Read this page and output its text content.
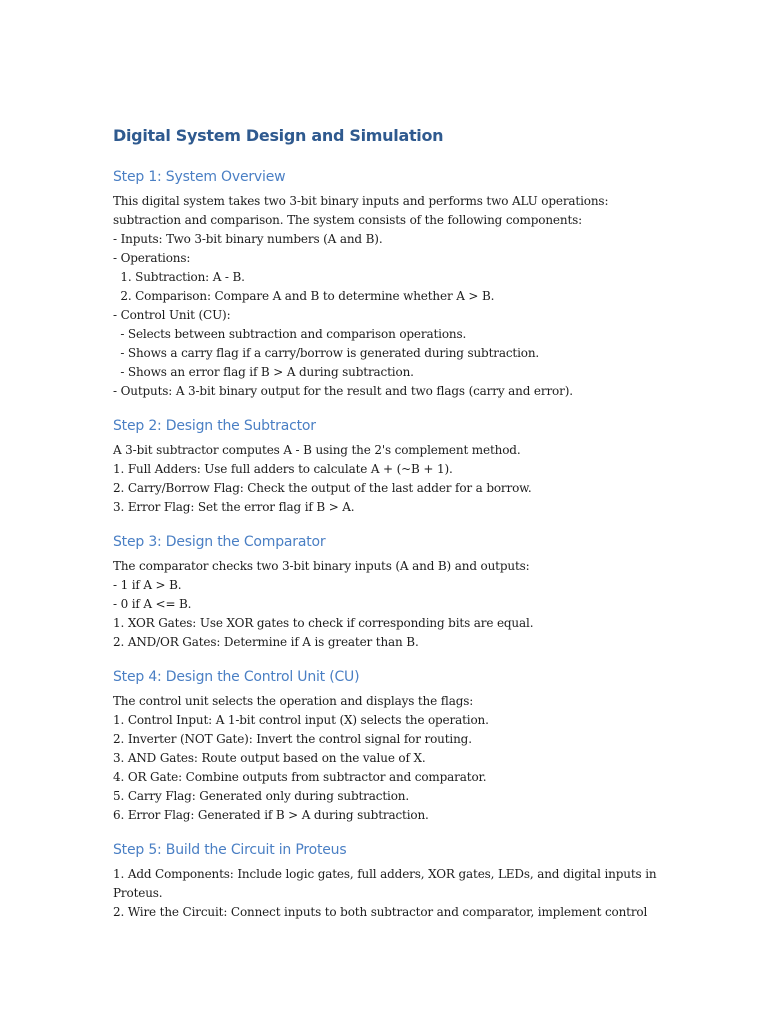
Digital System Design and Simulation
Step 1: System Overview
This digital system takes two 3-bit binary inputs and performs two ALU operations:
subtraction and comparison. The system consists of the following components:
- Inputs: Two 3-bit binary numbers (A and B).
- Operations:
1. Subtraction: A - B.
2. Comparison: Compare A and B to determine whether A > B.
- Control Unit (CU):
- Selects between subtraction and comparison operations.
- Shows a carry flag if a carry/borrow is generated during subtraction.
- Shows an error flag if B > A during subtraction.
- Outputs: A 3-bit binary output for the result and two flags (carry and error).
Step 2: Design the Subtractor
A 3-bit subtractor computes A - B using the 2's complement method.
1. Full Adders: Use full adders to calculate A + (~B + 1).
2. Carry/Borrow Flag: Check the output of the last adder for a borrow.
3. Error Flag: Set the error flag if B > A.
Step 3: Design the Comparator
The comparator checks two 3-bit binary inputs (A and B) and outputs:
- 1 if A > B.
- 0 if A <= B.
1. XOR Gates: Use XOR gates to check if corresponding bits are equal.
2. AND/OR Gates: Determine if A is greater than B.
Step 4: Design the Control Unit (CU)
The control unit selects the operation and displays the flags:
1. Control Input: A 1-bit control input (X) selects the operation.
2. Inverter (NOT Gate): Invert the control signal for routing.
3. AND Gates: Route output based on the value of X.
4. OR Gate: Combine outputs from subtractor and comparator.
5. Carry Flag: Generated only during subtraction.
6. Error Flag: Generated if B > A during subtraction.
Step 5: Build the Circuit in Proteus
1. Add Components: Include logic gates, full adders, XOR gates, LEDs, and digital inputs in
Proteus.
2. Wire the Circuit: Connect inputs to both subtractor and comparator, implement control
